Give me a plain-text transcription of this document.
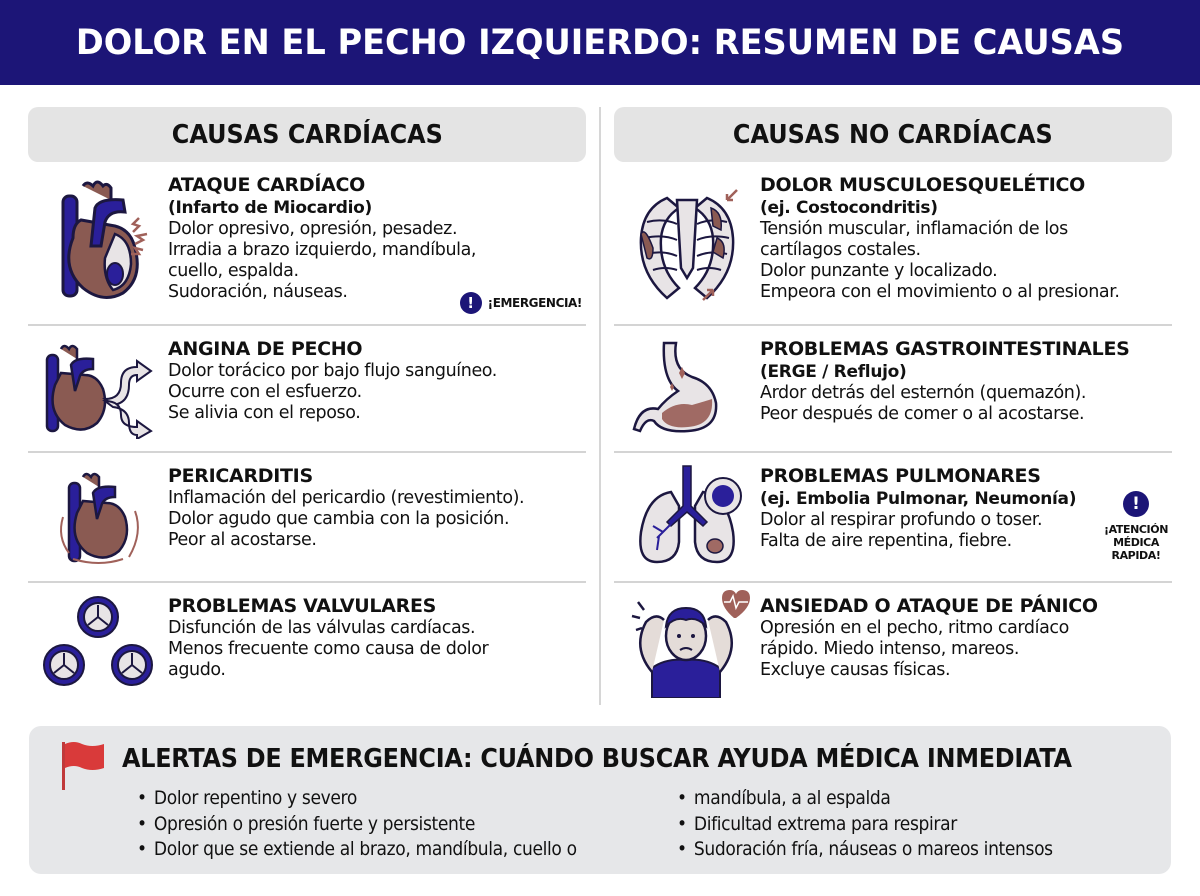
DOLOR EN EL PECHO IZQUIERDO: RESUMEN DE CAUSAS
CAUSAS CARDÍACAS
ATAQUE CARDÍACO
(Infarto de Miocardio)
Dolor opresivo, opresión, pesadez.
Irradia a brazo izquierdo, mandíbula,
cuello, espalda.
Sudoración, náuseas.
!	¡EMERGENCIA!
ANGINA DE PECHO
Dolor torácico por bajo flujo sanguíneo.
Ocurre con el esfuerzo.
Se alivia con el reposo.
PERICARDITIS
Inflamación del pericardio (revestimiento).
Dolor agudo que cambia con la posición.
Peor al acostarse.
PROBLEMAS VALVULARES
Disfunción de las válvulas cardíacas.
Menos frecuente como causa de dolor
agudo.
CAUSAS NO CARDÍACAS
DOLOR MUSCULOESQUELÉTICO
(ej. Costocondritis)
Tensión muscular, inflamación de los
cartílagos costales.
Dolor punzante y localizado.
Empeora con el movimiento o al presionar.
PROBLEMAS GASTROINTESTINALES
(ERGE / Reflujo)
Ardor detrás del esternón (quemazón).
Peor después de comer o al acostarse.
PROBLEMAS PULMONARES
(ej. Embolia Pulmonar, Neumonía)
Dolor al respirar profundo o toser.
Falta de aire repentina, fiebre.
!
¡ATENCIÓN
MÉDICA
RAPIDA!
ANSIEDAD O ATAQUE DE PÁNICO
Opresión en el pecho, ritmo cardíaco
rápido. Miedo intenso, mareos.
Excluye causas físicas.
ALERTAS DE EMERGENCIA: CUÁNDO BUSCAR AYUDA MÉDICA INMEDIATA
• Dolor repentino y severo
• Opresión o presión fuerte y persistente
• Dolor que se extiende al brazo, mandíbula, cuello o
• mandíbula, a al espalda
• Dificultad extrema para respirar
• Sudoración fría, náuseas o mareos intensos
